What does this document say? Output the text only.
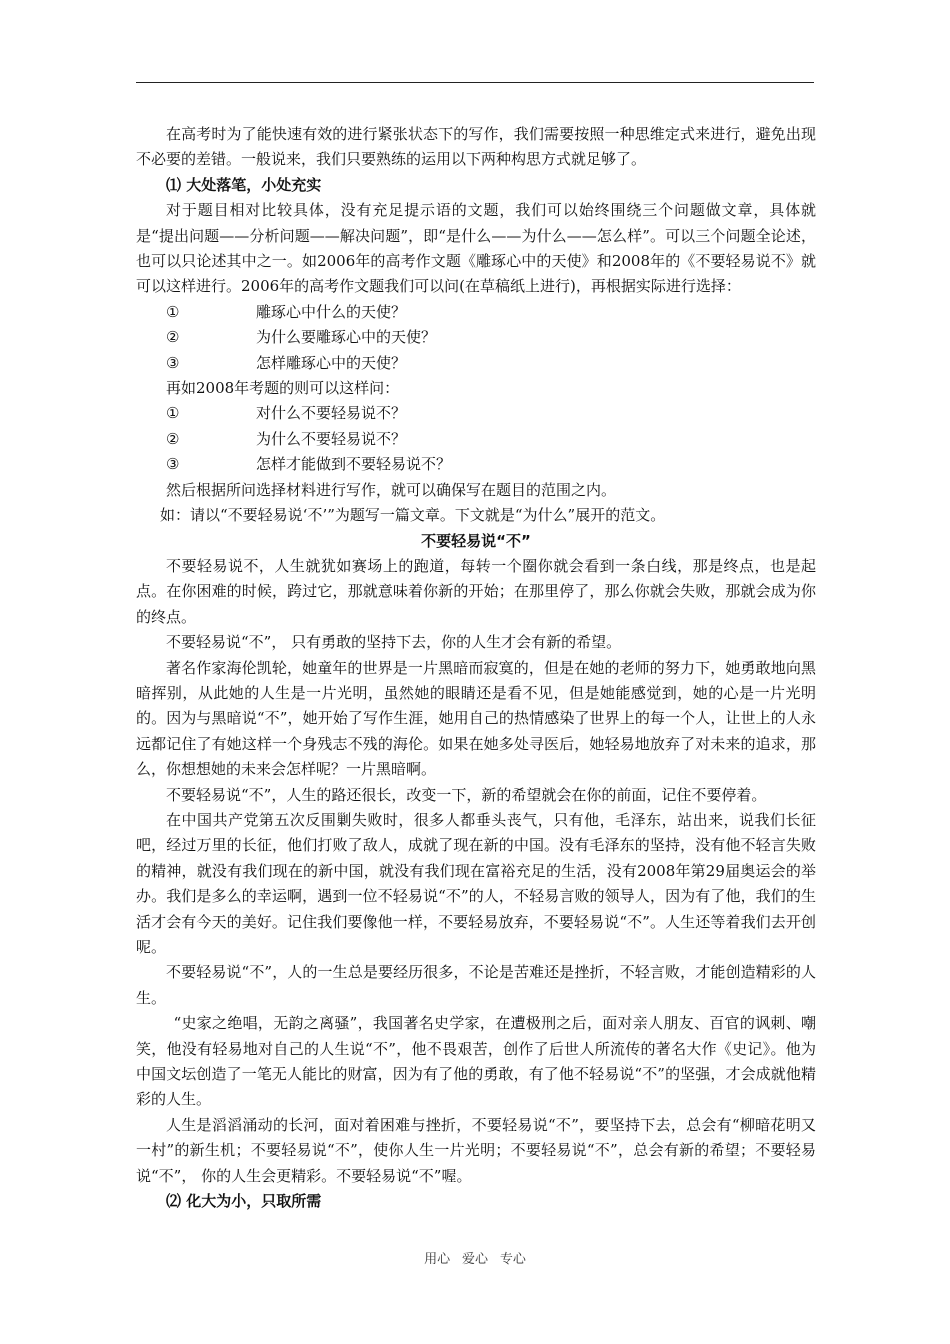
在高考时为了能快速有效的进行紧张状态下的写作，我们需要按照一种思维定式来进行，避免出现不必要的差错。一般说来，我们只要熟练的运用以下两种构思方式就足够了。

⑴ 大处落笔，小处充实

对于题目相对比较具体，没有充足提示语的文题，我们可以始终围绕三个问题做文章，具体就是“提出问题——分析问题——解决问题”，即“是什么——为什么——怎么样”。可以三个问题全论述，也可以只论述其中之一。如2006年的高考作文题《雕琢心中的天使》和2008年的《不要轻易说不》就可以这样进行。2006年的高考作文题我们可以问(在草稿纸上进行)，再根据实际进行选择：

①	雕琢心中什么的天使？

②	为什么要雕琢心中的天使？

③	怎样雕琢心中的天使？

再如2008年考题的则可以这样问：

①	对什么不要轻易说不？

②	为什么不要轻易说不？

③	怎样才能做到不要轻易说不？

然后根据所问选择材料进行写作，就可以确保写在题目的范围之内。

如：请以“不要轻易说‘不’”为题写一篇文章。下文就是“为什么”展开的范文。

不要轻易说“不”

不要轻易说不，人生就犹如赛场上的跑道，每转一个圈你就会看到一条白线，那是终点，也是起点。在你困难的时候，跨过它，那就意味着你新的开始；在那里停了，那么你就会失败，那就会成为你的终点。

不要轻易说“不”， 只有勇敢的坚持下去，你的人生才会有新的希望。

著名作家海伦凯轮，她童年的世界是一片黑暗而寂寞的，但是在她的老师的努力下，她勇敢地向黑暗挥别，从此她的人生是一片光明，虽然她的眼睛还是看不见，但是她能感觉到，她的心是一片光明的。因为与黑暗说“不”，她开始了写作生涯，她用自己的热情感染了世界上的每一个人，让世上的人永远都记住了有她这样一个身残志不残的海伦。如果在她多处寻医后，她轻易地放弃了对未来的追求，那么，你想想她的未来会怎样呢？一片黑暗啊。

不要轻易说“不”，人生的路还很长，改变一下，新的希望就会在你的前面，记住不要停着。

在中国共产党第五次反围剿失败时，很多人都垂头丧气，只有他，毛泽东，站出来，说我们长征吧，经过万里的长征，他们打败了敌人，成就了现在新的中国。没有毛泽东的坚持，没有他不轻言失败的精神，就没有我们现在的新中国，就没有我们现在富裕充足的生活，没有2008年第29届奥运会的举办。我们是多么的幸运啊，遇到一位不轻易说“不”的人，不轻易言败的领导人，因为有了他，我们的生活才会有今天的美好。记住我们要像他一样，不要轻易放弃，不要轻易说“不”。人生还等着我们去开创呢。

不要轻易说“不”，人的一生总是要经历很多，不论是苦难还是挫折，不轻言败，才能创造精彩的人生。

“史家之绝唱，无韵之离骚”，我国著名史学家，在遭极刑之后，面对亲人朋友、百官的讽刺、嘲笑，他没有轻易地对自己的人生说“不”，他不畏艰苦，创作了后世人所流传的著名大作《史记》。他为中国文坛创造了一笔无人能比的财富，因为有了他的勇敢，有了他不轻易说“不”的坚强，才会成就他精彩的人生。

人生是滔滔涌动的长河，面对着困难与挫折，不要轻易说“不”，要坚持下去，总会有“柳暗花明又一村”的新生机；不要轻易说“不”，使你人生一片光明；不要轻易说“不”，总会有新的希望；不要轻易说“不”， 你的人生会更精彩。不要轻易说“不”喔。

⑵ 化大为小，只取所需

用心 爱心 专心
